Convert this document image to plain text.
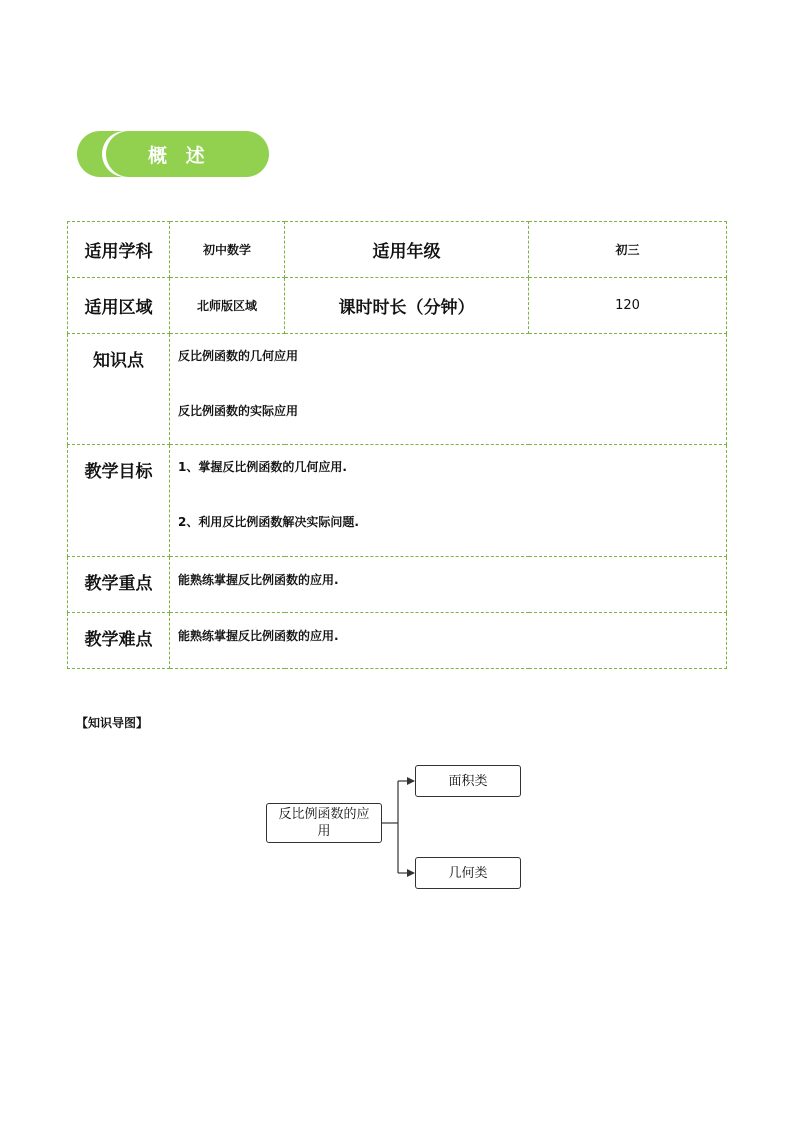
概 述
适用学科	初中数学	适用年级	初三
适用区域	北师版区域	课时时长（分钟）	120
知识点	反比例函数的几何应用

反比例函数的实际应用		

教学目标	1、掌握反比例函数的几何应用.

2、利用反比例函数解决实际问题.		

教学重点	能熟练掌握反比例函数的应用.		
教学难点	能熟练掌握反比例函数的应用.		
【知识导图】
反比例函数的应用
面积类
几何类
